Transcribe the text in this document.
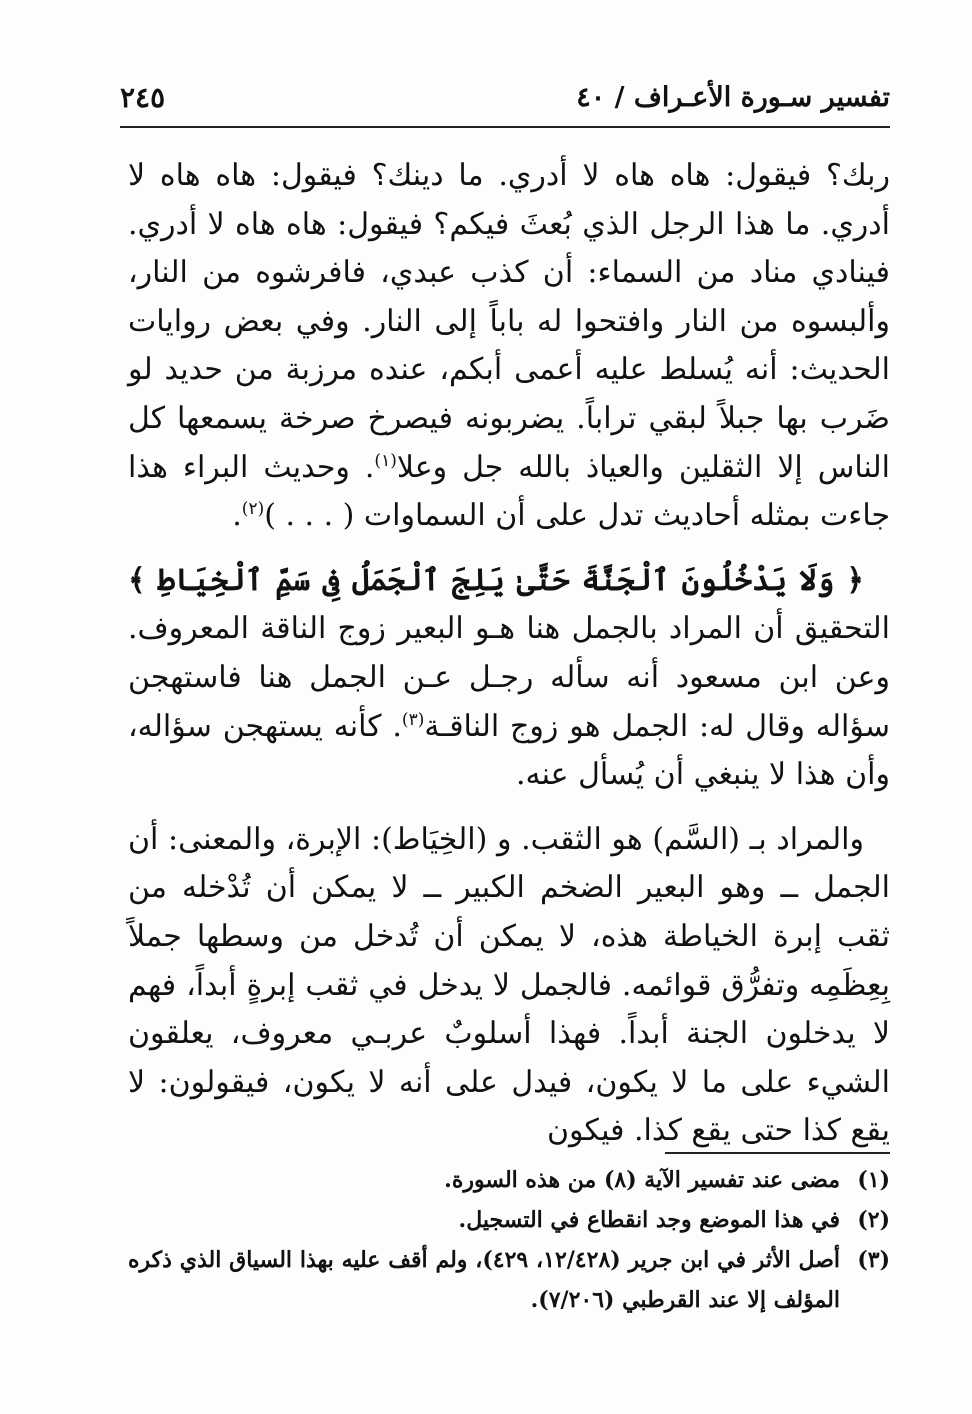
تفسير سـورة الأعـراف / ٤٠
٢٤٥

ربك؟ فيقول: هاه هاه لا أدري. ما دينك؟ فيقول: هاه هاه لا أدري. ما هذا الرجل الذي بُعثَ فيكم؟ فيقول: هاه هاه لا أدري. فينادي مناد من السماء: أن كذب عبدي، فافرشوه من النار، وألبسوه من النار وافتحوا له باباً إلى النار. وفي بعض روايات الحديث: أنه يُسلط عليه أعمى أبكم، عنده مرزبة من حديد لو ضَرب بها جبلاً لبقي تراباً. يضربونه فيصرخ صرخة يسمعها كل الناس إلا الثقلين والعياذ بالله جل وعلا$^{(١)}$. وحديث البراء هذا جاءت بمثله أحاديث تدل على أن السماوات ( . . . )$^{(٢)}$.

﴿ وَلَا يَدْخُلُونَ ٱلْجَنَّةَ حَتَّىٰ يَلِجَ ٱلْجَمَلُ فِى سَمِّ ٱلْخِيَاطِ ﴾ التحقيق أن المراد بالجمل هنا هـو البعير زوج الناقة المعروف. وعن ابن مسعود أنه سأله رجـل عـن الجمل هنا فاستهجن سؤاله وقال له: الجمل هو زوج الناقـة$^{(٣)}$. كأنه يستهجن سؤاله، وأن هذا لا ينبغي أن يُسأل عنه.

والمراد بـ (السَّم) هو الثقب. و (الخِيَاط): الإبرة، والمعنى: أن الجمل ــ وهو البعير الضخم الكبير ــ لا يمكن أن تُدْخله من ثقب إبرة الخياطة هذه، لا يمكن أن تُدخل من وسطها جملاً بِعِظَمِه وتفرُّق قوائمه. فالجمل لا يدخل في ثقب إبرةٍ أبداً، فهم لا يدخلون الجنة أبداً. فهذا أسلوبٌ عربـي معروف، يعلقون الشيء على ما لا يكون، فيدل على أنه لا يكون، فيقولون: لا يقع كذا حتى يقع كذا. فيكون

(١)
مضى عند تفسير الآية (٨) من هذه السورة.

(٢)
في هذا الموضع وجد انقطاع في التسجيل.

(٣)
أصل الأثر في ابن جرير (١٢/٤٢٨، ٤٢٩)، ولم أقف عليه بهذا السياق الذي ذكره المؤلف إلا عند القرطبي (٧/٢٠٦).
